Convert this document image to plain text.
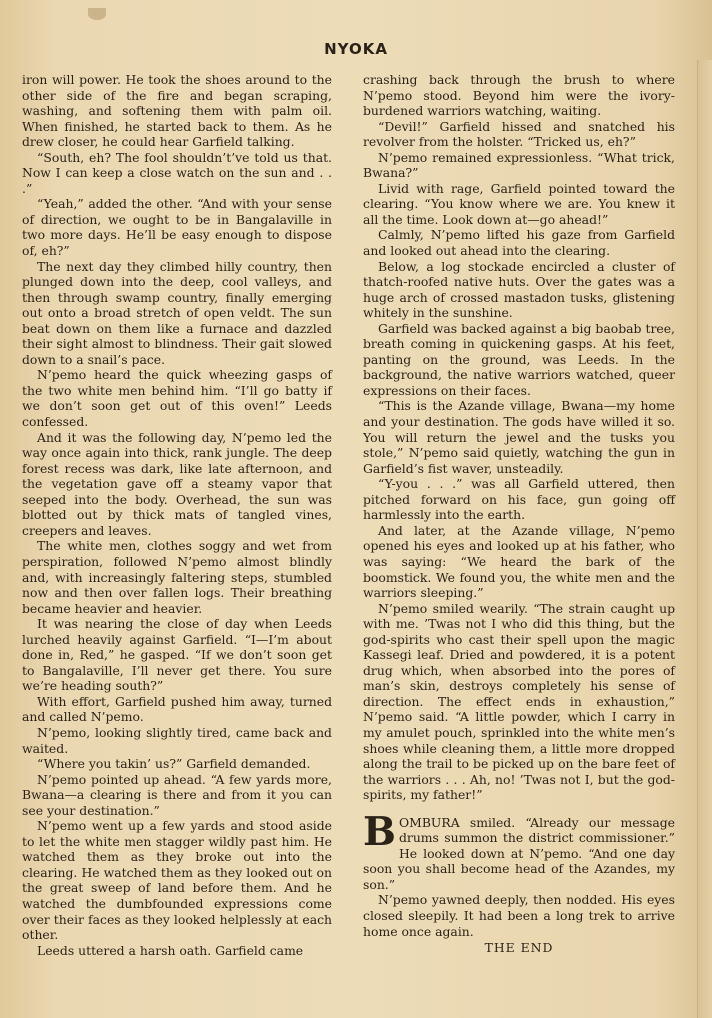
NYOKA

iron will power. He took the shoes around to the other side of the fire and began scraping, washing, and softening them with palm oil. When finished, he started back to them. As he drew closer, he could hear Garfield talking.

“South, eh? The fool shouldn’t’ve told us that. Now I can keep a close watch on the sun and . . .”

“Yeah,” added the other. “And with your sense of direction, we ought to be in Bangalaville in two more days. He’ll be easy enough to dispose of, eh?”

The next day they climbed hilly country, then plunged down into the deep, cool valleys, and then through swamp country, finally emerging out onto a broad stretch of open veldt. The sun beat down on them like a furnace and dazzled their sight almost to blindness. Their gait slowed down to a snail’s pace.

N’pemo heard the quick wheezing gasps of the two white men behind him. “I’ll go batty if we don’t soon get out of this oven!” Leeds confessed.

And it was the following day, N’pemo led the way once again into thick, rank jungle. The deep forest recess was dark, like late afternoon, and the vegetation gave off a steamy vapor that seeped into the body. Overhead, the sun was blotted out by thick mats of tangled vines, creepers and leaves.

The white men, clothes soggy and wet from perspiration, followed N’pemo almost blindly and, with increasingly faltering steps, stumbled now and then over fallen logs. Their breathing became heavier and heavier.

It was nearing the close of day when Leeds lurched heavily against Garfield. “I—I’m about done in, Red,” he gasped. “If we don’t soon get to Bangalaville, I’ll never get there. You sure we’re heading south?”

With effort, Garfield pushed him away, turned and called N’pemo.

N’pemo, looking slightly tired, came back and waited.

“Where you takin’ us?” Garfield demanded.

N’pemo pointed up ahead. “A few yards more, Bwana—a clearing is there and from it you can see your destination.”

N’pemo went up a few yards and stood aside to let the white men stagger wildly past him. He watched them as they broke out into the clearing. He watched them as they looked out on the great sweep of land before them. And he watched the dumbfounded expressions come over their faces as they looked helplessly at each other.

Leeds uttered a harsh oath. Garfield came

crashing back through the brush to where N’pemo stood. Beyond him were the ivory-burdened warriors watching, waiting.

“Devil!” Garfield hissed and snatched his revolver from the holster. “Tricked us, eh?”

N’pemo remained expressionless. “What trick, Bwana?”

Livid with rage, Garfield pointed toward the clearing. “You know where we are. You knew it all the time. Look down at—go ahead!”

Calmly, N’pemo lifted his gaze from Garfield and looked out ahead into the clearing.

Below, a log stockade encircled a cluster of thatch-roofed native huts. Over the gates was a huge arch of crossed mastadon tusks, glistening whitely in the sunshine.

Garfield was backed against a big baobab tree, breath coming in quickening gasps. At his feet, panting on the ground, was Leeds. In the background, the native warriors watched, queer expressions on their faces.

“This is the Azande village, Bwana—my home and your destination. The gods have willed it so. You will return the jewel and the tusks you stole,” N’pemo said quietly, watching the gun in Garfield’s fist waver, unsteadily.

“Y-you . . .” was all Garfield uttered, then pitched forward on his face, gun going off harmlessly into the earth.

And later, at the Azande village, N’pemo opened his eyes and looked up at his father, who was saying: “We heard the bark of the boomstick. We found you, the white men and the warriors sleeping.”

N’pemo smiled wearily. “The strain caught up with me. ’Twas not I who did this thing, but the god-spirits who cast their spell upon the magic Kassegi leaf. Dried and powdered, it is a potent drug which, when absorbed into the pores of man’s skin, destroys completely his sense of direction. The effect ends in exhaustion,” N’pemo said. “A little powder, which I carry in my amulet pouch, sprinkled into the white men’s shoes while cleaning them, a little more dropped along the trail to be picked up on the bare feet of the warriors . . . Ah, no! ’Twas not I, but the god-spirits, my father!”

BOMBURA smiled. “Already our message drums summon the district commissioner.” He looked down at N’pemo. “And one day soon you shall become head of the Azandes, my son.”

N’pemo yawned deeply, then nodded. His eyes closed sleepily. It had been a long trek to arrive home once again.

THE END
